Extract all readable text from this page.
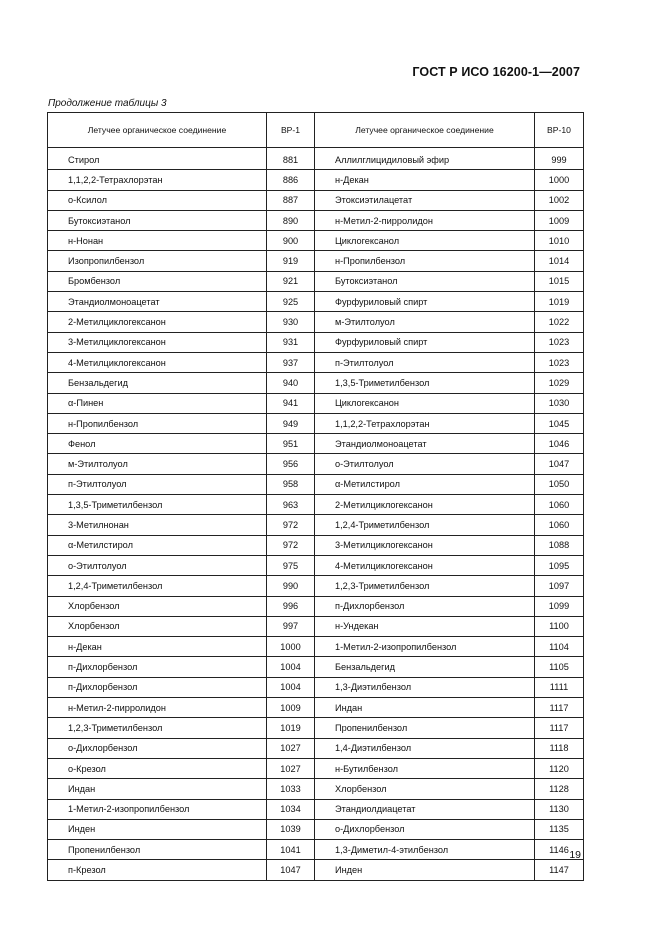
ГОСТ Р ИСО 16200-1—2007
Продолжение таблицы 3
Летучее органическое соединение	BP-1	Летучее органическое соединение	BP-10
Стирол	881	Аллилглицидиловый эфир	999
1,1,2,2-Тетрахлорэтан	886	н-Декан	1000
о-Ксилол	887	Этоксиэтилацетат	1002
Бутоксиэтанол	890	н-Метил-2-пирролидон	1009
н-Нонан	900	Циклогексанол	1010
Изопропилбензол	919	н-Пропилбензол	1014
Бромбензол	921	Бутоксиэтанол	1015
Этандиолмоноацетат	925	Фурфуриловый спирт	1019
2-Метилциклогексанон	930	м-Этилтолуол	1022
3-Метилциклогексанон	931	Фурфуриловый спирт	1023
4-Метилциклогексанон	937	п-Этилтолуол	1023
Бензальдегид	940	1,3,5-Триметилбензол	1029
α-Пинен	941	Циклогексанон	1030
н-Пропилбензол	949	1,1,2,2-Тетрахлорэтан	1045
Фенол	951	Этандиолмоноацетат	1046
м-Этилтолуол	956	о-Этилтолуол	1047
п-Этилтолуол	958	α-Метилстирол	1050
1,3,5-Триметилбензол	963	2-Метилциклогексанон	1060
3-Метилнонан	972	1,2,4-Триметилбензол	1060
α-Метилстирол	972	3-Метилциклогексанон	1088
о-Этилтолуол	975	4-Метилциклогексанон	1095
1,2,4-Триметилбензол	990	1,2,3-Триметилбензол	1097
Хлорбензол	996	п-Дихлорбензол	1099
Хлорбензол	997	н-Ундекан	1100
н-Декан	1000	1-Метил-2-изопропилбензол	1104
п-Дихлорбензол	1004	Бензальдегид	1105
п-Дихлорбензол	1004	1,3-Диэтилбензол	1111
н-Метил-2-пирролидон	1009	Индан	1117
1,2,3-Триметилбензол	1019	Пропенилбензол	1117
о-Дихлорбензол	1027	1,4-Диэтилбензол	1118
о-Крезол	1027	н-Бутилбензол	1120
Индан	1033	Хлорбензол	1128
1-Метил-2-изопропилбензол	1034	Этандиолдиацетат	1130
Инден	1039	о-Дихлорбензол	1135
Пропенилбензол	1041	1,3-Диметил-4-этилбензол	1146
п-Крезол	1047	Инден	1147
19
